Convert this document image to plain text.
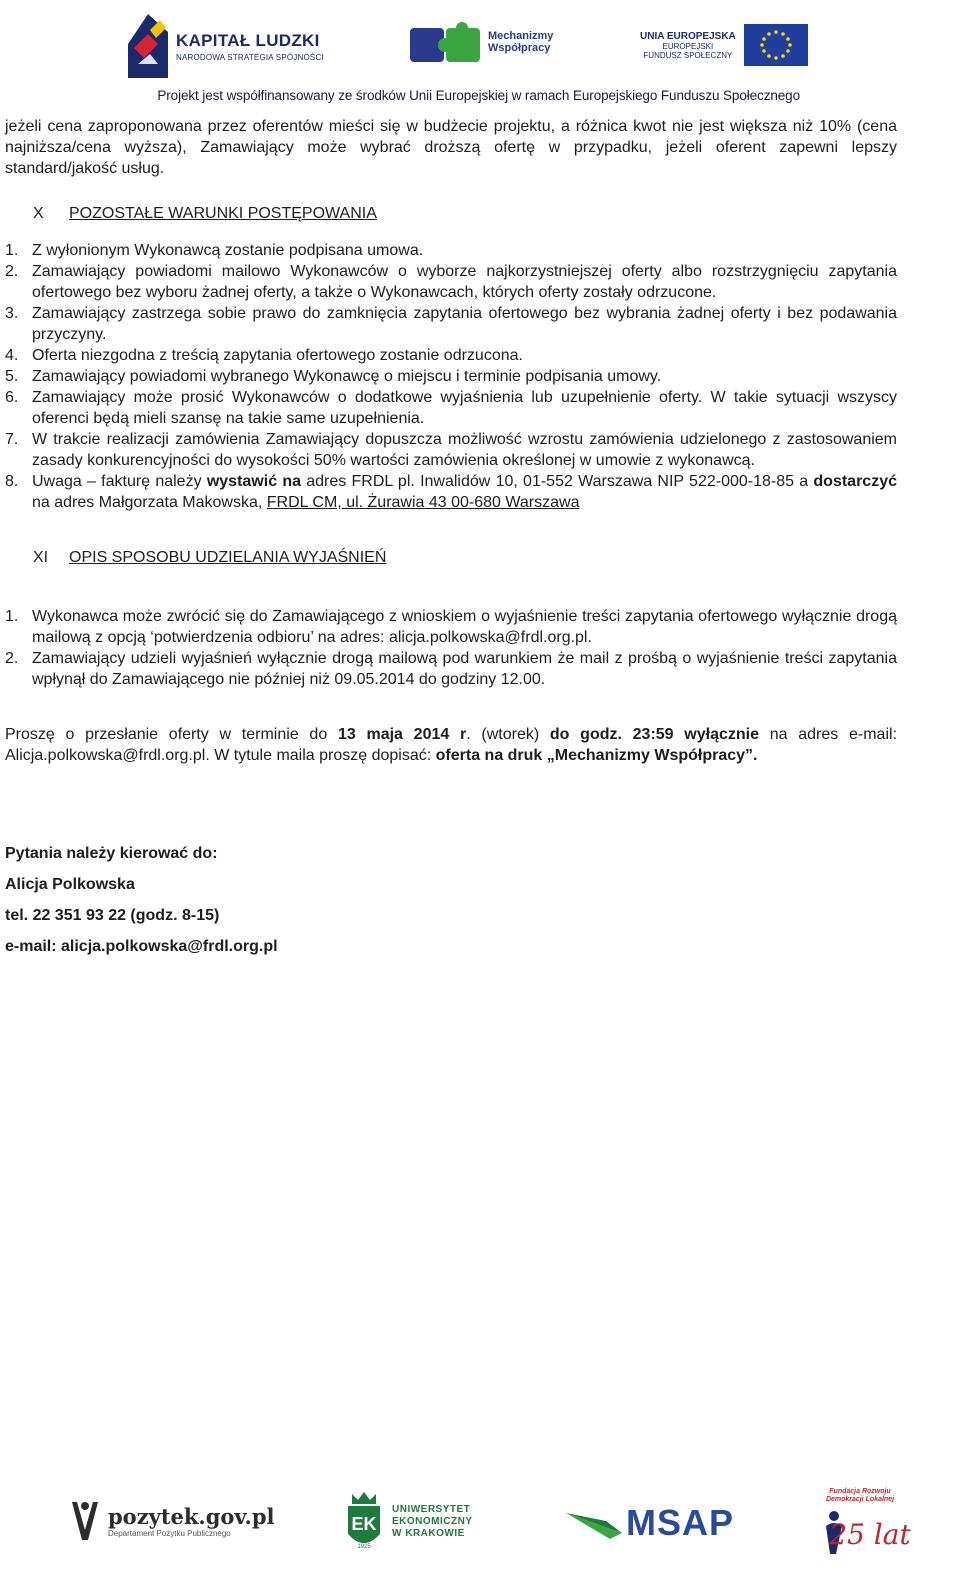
KAPITAŁ LUDZKI
NARODOWA STRATEGIA SPÓJNOŚCI
Mechanizmy
Współpracy
UNIA EUROPEJSKA
EUROPEJSKI
FUNDUSZ SPOŁECZNY
Projekt jest współfinansowany ze środków Unii Europejskiej w ramach Europejskiego Funduszu Społecznego

jeżeli cena zaproponowana przez oferentów mieści się w budżecie projektu, a różnica kwot nie jest większa niż 10% (cena najniższa/cena wyższa), Zamawiający może wybrać droższą ofertę w przypadku, jeżeli oferent zapewni lepszy standard/jakość usług.

X	POZOSTAŁE WARUNKI POSTĘPOWANIA
1. Z wyłonionym Wykonawcą zostanie podpisana umowa.
2. Zamawiający powiadomi mailowo Wykonawców o wyborze najkorzystniejszej oferty albo rozstrzygnięciu zapytania ofertowego bez wyboru żadnej oferty, a także o Wykonawcach, których oferty zostały odrzucone.
3. Zamawiający zastrzega sobie prawo do zamknięcia zapytania ofertowego bez wybrania żadnej oferty i bez podawania przyczyny.
4. Oferta niezgodna z treścią zapytania ofertowego zostanie odrzucona.
5. Zamawiający powiadomi wybranego Wykonawcę o miejscu i terminie podpisania umowy.
6. Zamawiający może prosić Wykonawców o dodatkowe wyjaśnienia lub uzupełnienie oferty. W takie sytuacji wszyscy oferenci będą mieli szansę na takie same uzupełnienia.
7. W trakcie realizacji zamówienia Zamawiający dopuszcza możliwość wzrostu zamówienia udzielonego z zastosowaniem zasady konkurencyjności do wysokości 50% wartości zamówienia określonej w umowie z wykonawcą.
8. Uwaga – fakturę należy wystawić na adres FRDL pl. Inwalidów 10, 01-552 Warszawa NIP 522-000-18-85 a dostarczyć na adres Małgorzata Makowska, FRDL CM, ul. Żurawia 43 00-680 Warszawa
XI	OPIS SPOSOBU UDZIELANIA WYJAŚNIEŃ
1. Wykonawca może zwrócić się do Zamawiającego z wnioskiem o wyjaśnienie treści zapytania ofertowego wyłącznie drogą mailową z opcją ‘potwierdzenia odbioru’ na adres: alicja.polkowska@frdl.org.pl.
2. Zamawiający udzieli wyjaśnień wyłącznie drogą mailową pod warunkiem że mail z prośbą o wyjaśnienie treści zapytania wpłynął do Zamawiającego nie później niż 09.05.2014 do godziny 12.00.

Proszę o przesłanie oferty w terminie do 13 maja 2014 r. (wtorek) do godz. 23:59 wyłącznie na adres e-mail: Alicja.polkowska@frdl.org.pl. W tytule maila proszę dopisać: oferta na druk „Mechanizmy Współpracy”.

Pytania należy kierować do:
Alicja Polkowska
tel. 22 351 93 22 (godz. 8-15)
e-mail: alicja.polkowska@frdl.org.pl
pozytek.gov.pl
Departament Pożytku Publicznego	EK
1925
UNIWERSYTET
EKONOMICZNY
W KRAKOWIE	MSAP
Fundacja Rozwoju
Demokracji Lokalnej
25 lat
